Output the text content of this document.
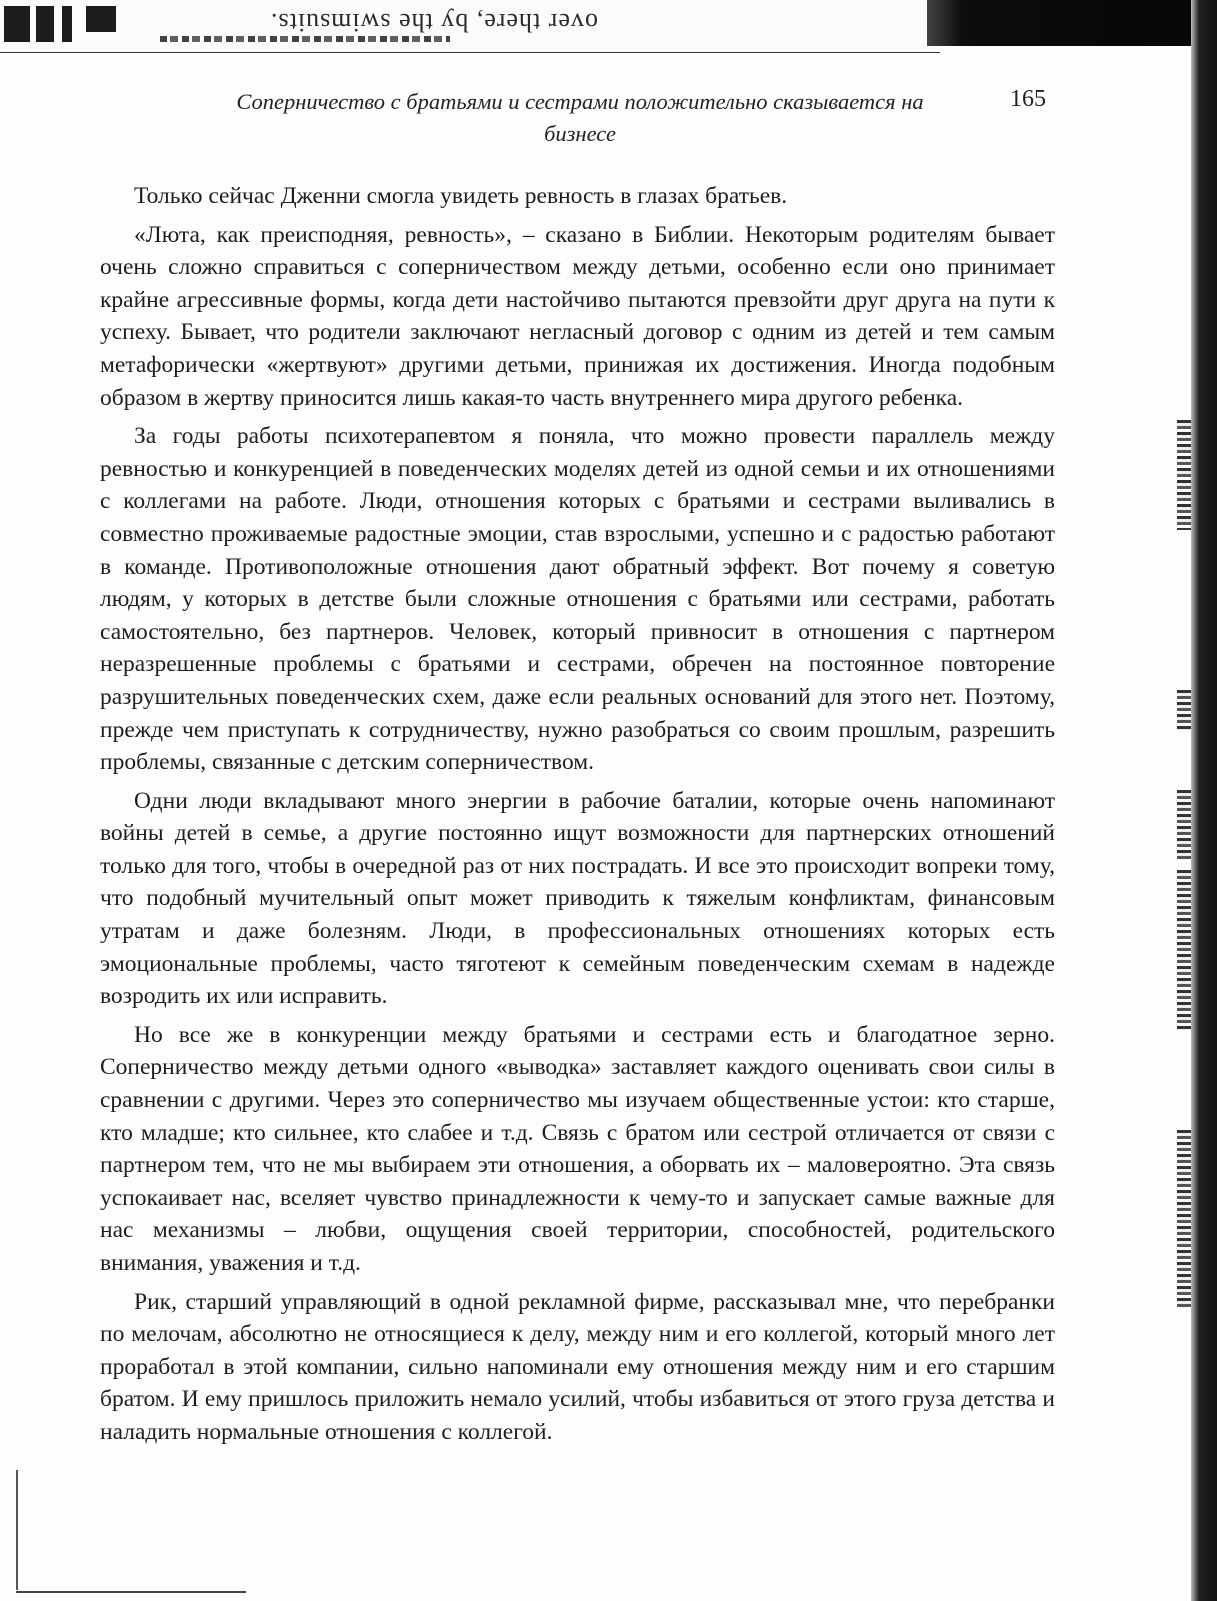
over there, by the swimsuits.
Соперничество с братьями и сестрами положительно сказывается на бизнесе
165

Только сейчас Дженни смогла увидеть ревность в глазах братьев.

«Люта, как преисподняя, ревность», – сказано в Библии. Некоторым родителям бывает очень сложно справиться с соперничеством между детьми, особенно если оно принимает крайне агрессивные формы, когда дети настойчиво пытаются превзойти друг друга на пути к успеху. Бывает, что родители заключают негласный договор с одним из детей и тем самым метафорически «жертвуют» другими детьми, принижая их достижения. Иногда подобным образом в жертву приносится лишь какая-то часть внутреннего мира другого ребенка.

За годы работы психотерапевтом я поняла, что можно провести параллель между ревностью и конкуренцией в поведенческих моделях детей из одной семьи и их отношениями с коллегами на работе. Люди, отношения которых с братьями и сестрами выливались в совместно проживаемые радостные эмоции, став взрослыми, успешно и с радостью работают в команде. Противоположные отношения дают обратный эффект. Вот почему я советую людям, у которых в детстве были сложные отношения с братьями или сестрами, работать самостоятельно, без партнеров. Человек, который привносит в отношения с партнером неразрешенные проблемы с братьями и сестрами, обречен на постоянное повторение разрушительных поведенческих схем, даже если реальных оснований для этого нет. Поэтому, прежде чем приступать к сотрудничеству, нужно разобраться со своим прошлым, разрешить проблемы, связанные с детским соперничеством.

Одни люди вкладывают много энергии в рабочие баталии, которые очень напоминают войны детей в семье, а другие постоянно ищут возможности для партнерских отношений только для того, чтобы в очередной раз от них пострадать. И все это происходит вопреки тому, что подобный мучительный опыт может приводить к тяжелым конфликтам, финансовым утратам и даже болезням. Люди, в профессиональных отношениях которых есть эмоциональные проблемы, часто тяготеют к семейным поведенческим схемам в надежде возродить их или исправить.

Но все же в конкуренции между братьями и сестрами есть и благодатное зерно. Соперничество между детьми одного «выводка» заставляет каждого оценивать свои силы в сравнении с другими. Через это соперничество мы изучаем общественные устои: кто старше, кто младше; кто сильнее, кто слабее и т.д. Связь с братом или сестрой отличается от связи с партнером тем, что не мы выбираем эти отношения, а оборвать их – маловероятно. Эта связь успокаивает нас, вселяет чувство принадлежности к чему-то и запускает самые важные для нас механизмы – любви, ощущения своей территории, способностей, родительского внимания, уважения и т.д.

Рик, старший управляющий в одной рекламной фирме, рассказывал мне, что перебранки по мелочам, абсолютно не относящиеся к делу, между ним и его коллегой, который много лет проработал в этой компании, сильно напоминали ему отношения между ним и его старшим братом. И ему пришлось приложить немало усилий, чтобы избавиться от этого груза детства и наладить нормальные отношения с коллегой.
